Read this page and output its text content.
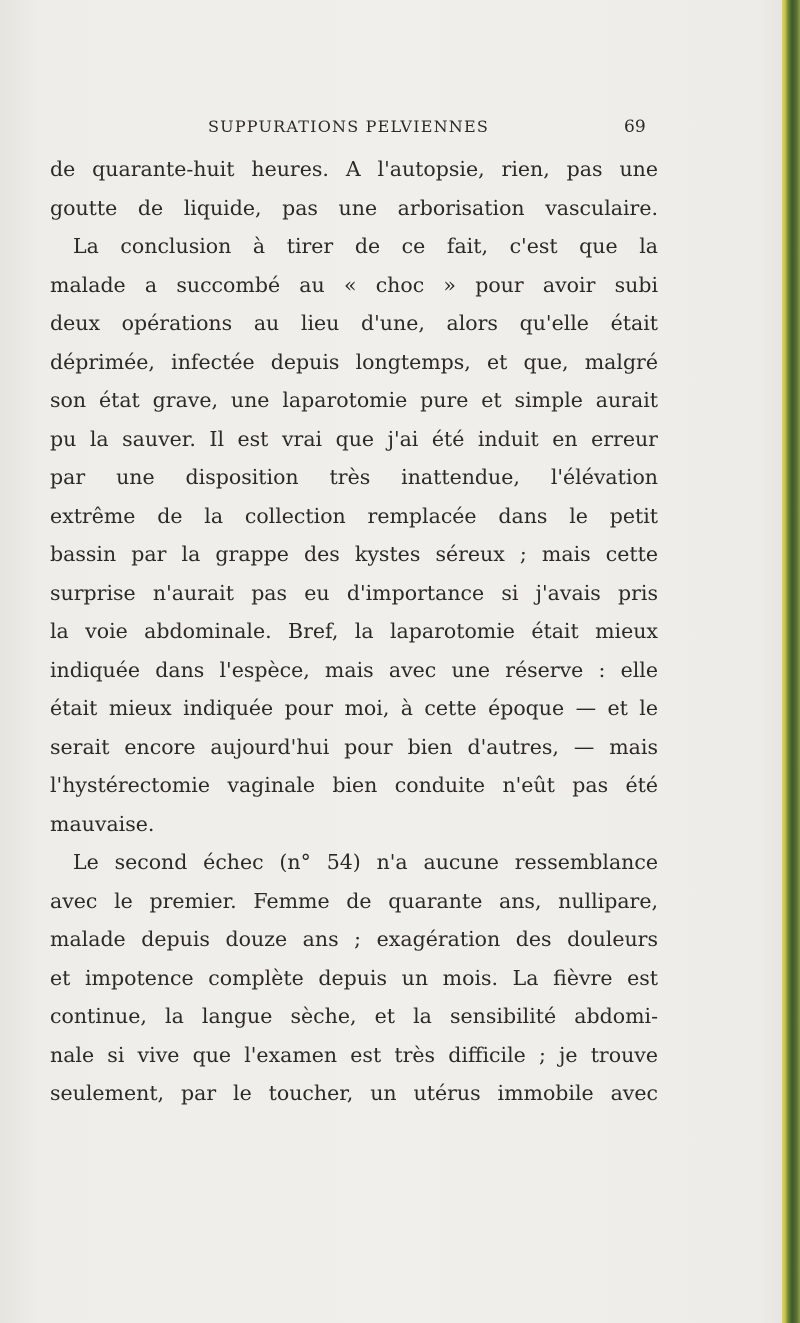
SUPPURATIONS PELVIENNES	69
de quarante-huit heures. A l'autopsie, rien, pas une
goutte de liquide, pas une arborisation vasculaire.
La conclusion à tirer de ce fait, c'est que la
malade a succombé au « choc » pour avoir subi
deux opérations au lieu d'une, alors qu'elle était
déprimée, infectée depuis longtemps, et que, malgré
son état grave, une laparotomie pure et simple aurait
pu la sauver. Il est vrai que j'ai été induit en erreur
par une disposition très inattendue, l'élévation
extrême de la collection remplacée dans le petit
bassin par la grappe des kystes séreux ; mais cette
surprise n'aurait pas eu d'importance si j'avais pris
la voie abdominale. Bref, la laparotomie était mieux
indiquée dans l'espèce, mais avec une réserve : elle
était mieux indiquée pour moi, à cette époque — et le
serait encore aujourd'hui pour bien d'autres, — mais
l'hystérectomie vaginale bien conduite n'eût pas été
mauvaise.
Le second échec (n° 54) n'a aucune ressemblance
avec le premier. Femme de quarante ans, nullipare,
malade depuis douze ans ; exagération des douleurs
et impotence complète depuis un mois. La fièvre est
continue, la langue sèche, et la sensibilité abdomi-
nale si vive que l'examen est très difficile ; je trouve
seulement, par le toucher, un utérus immobile avec
